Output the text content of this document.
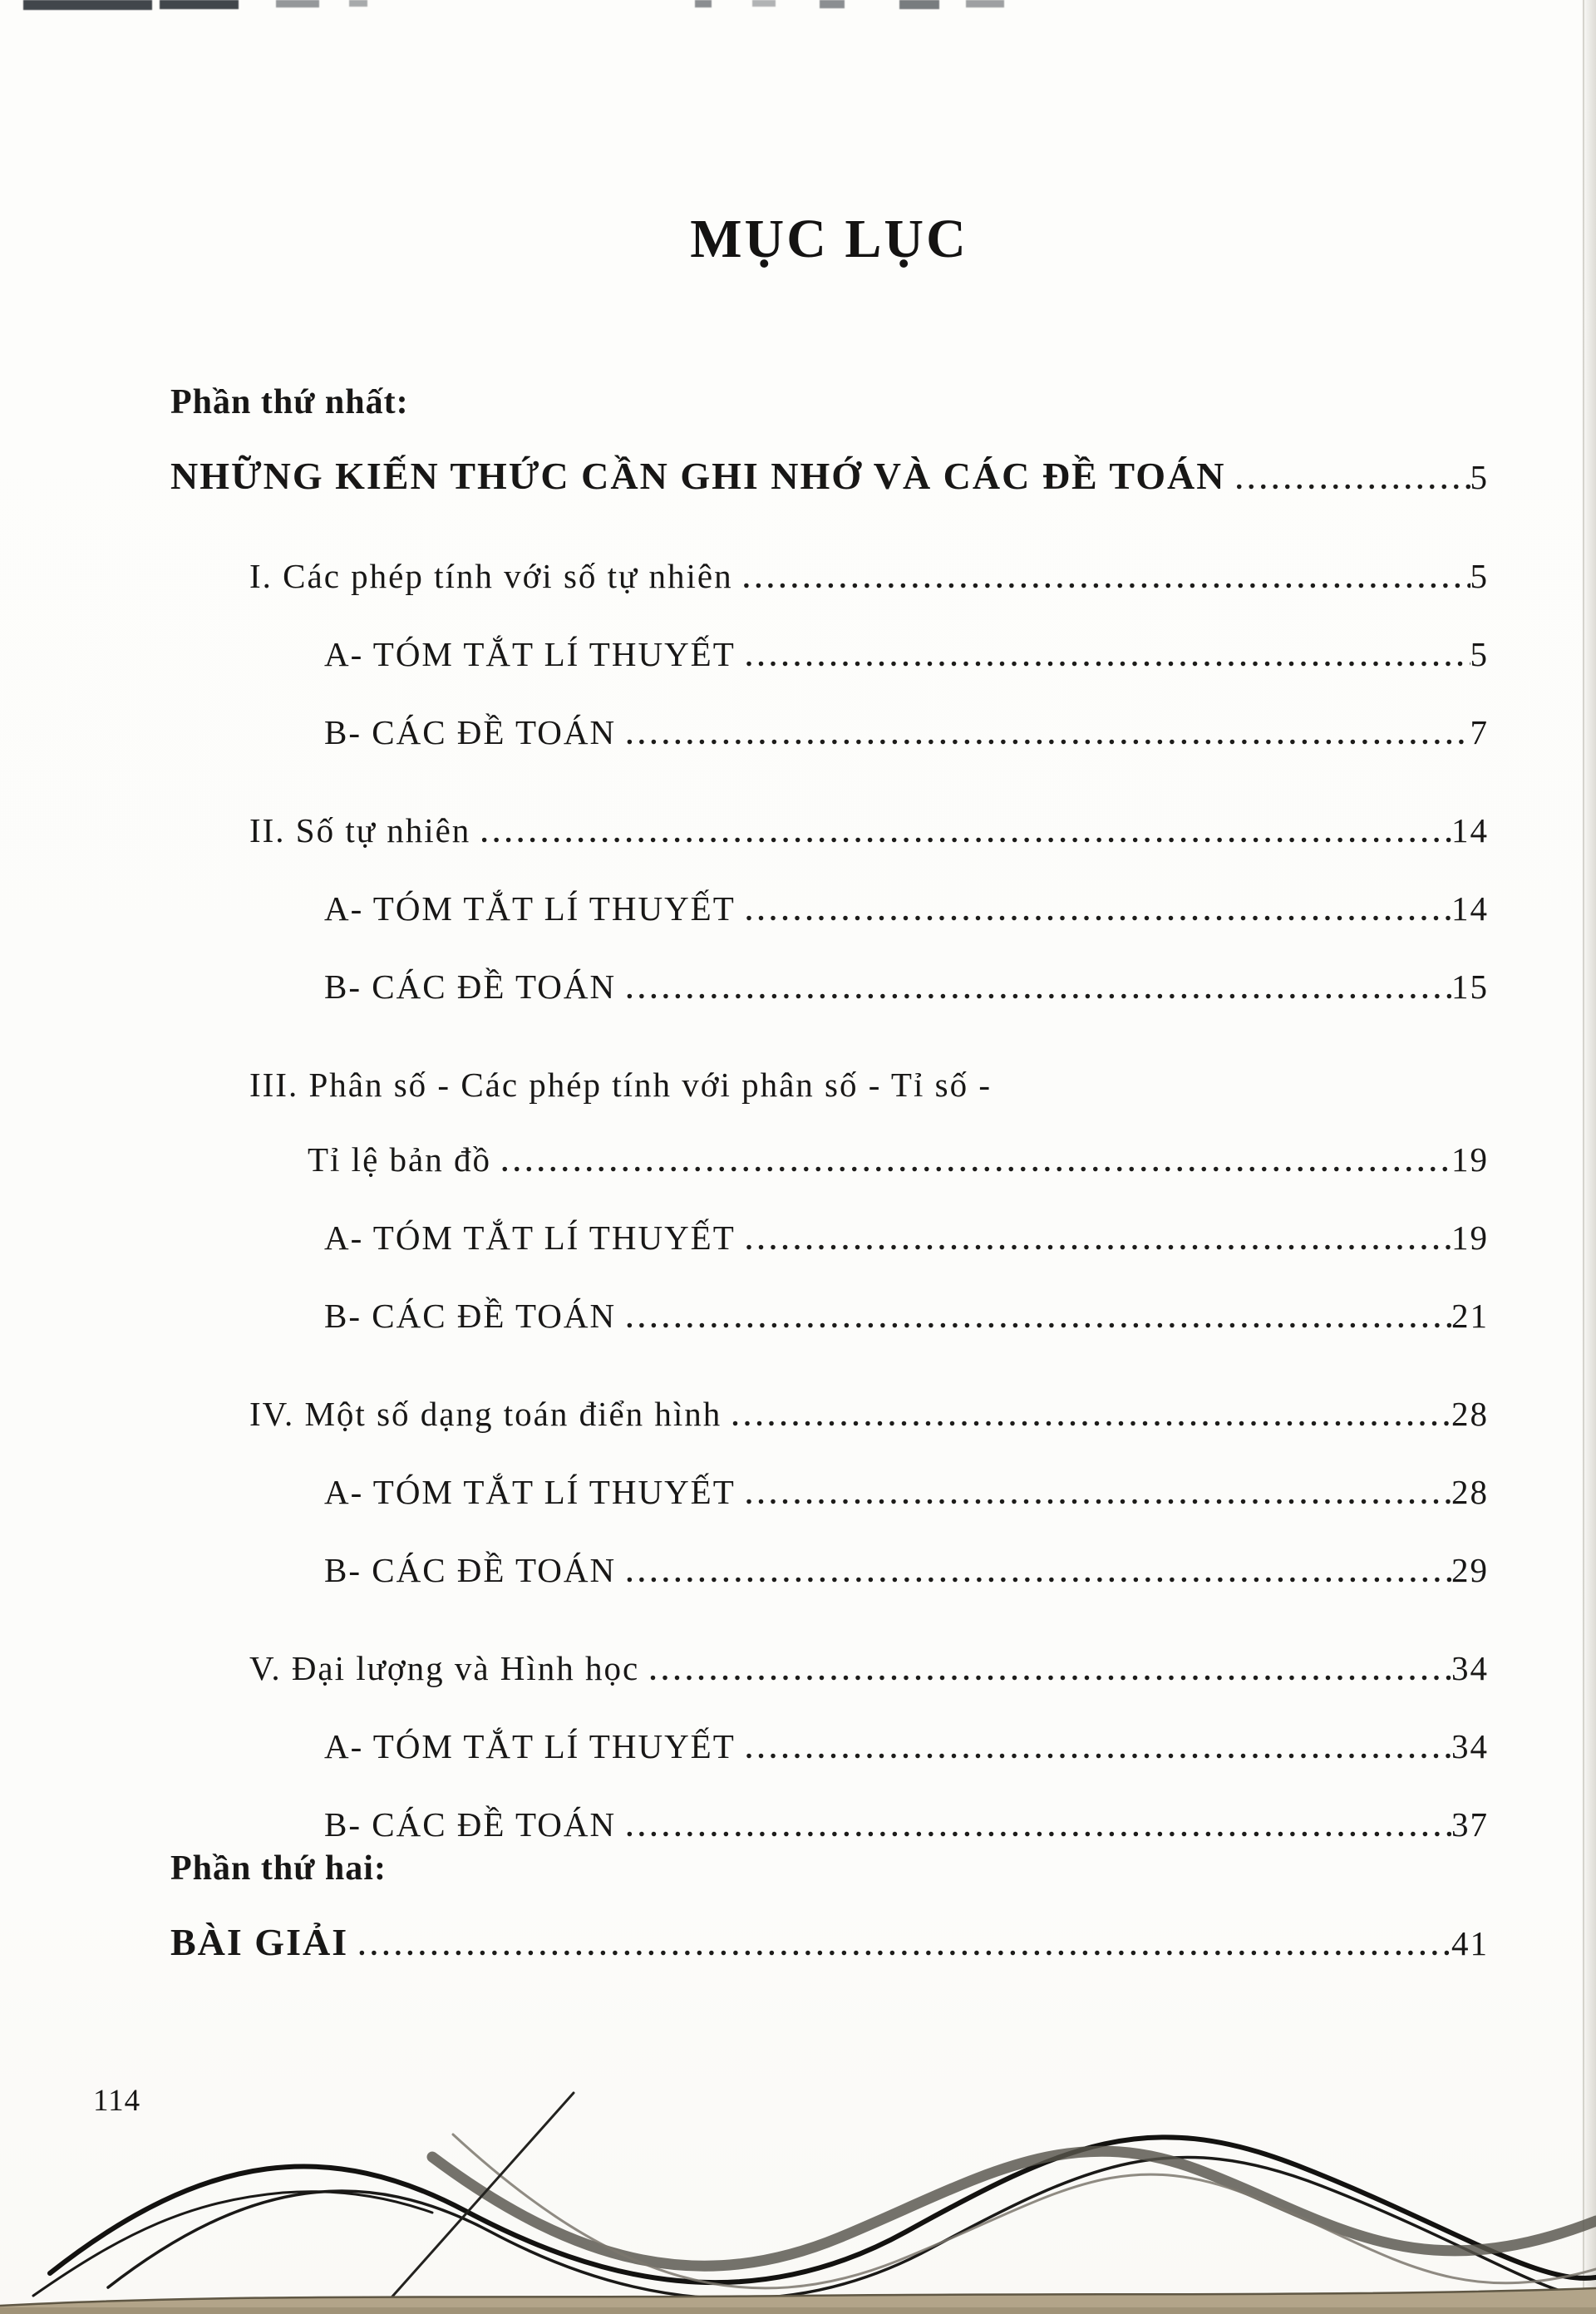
MỤC LỤC
Phần thứ nhất:
NHỮNG KIẾN THỨC CẦN GHI NHỚ VÀ CÁC ĐỀ TOÁN .....	5
I. Các phép tính với số tự nhiên .....	5
A- TÓM TẮT LÍ THUYẾT .....	5
B- CÁC ĐỀ TOÁN .....	7
II. Số tự nhiên .....	14
A- TÓM TẮT LÍ THUYẾT .....	14
B- CÁC ĐỀ TOÁN .....	15
III. Phân số - Các phép tính với phân số - Tỉ số -
Tỉ lệ bản đồ .....	19
A- TÓM TẮT LÍ THUYẾT .....	19
B- CÁC ĐỀ TOÁN .....	21
IV. Một số dạng toán điển hình .....	28
A- TÓM TẮT LÍ THUYẾT .....	28
B- CÁC ĐỀ TOÁN .....	29
V. Đại lượng và Hình học .....	34
A- TÓM TẮT LÍ THUYẾT .....	34
B- CÁC ĐỀ TOÁN .....	37
Phần thứ hai:
BÀI GIẢI .....	41
114
